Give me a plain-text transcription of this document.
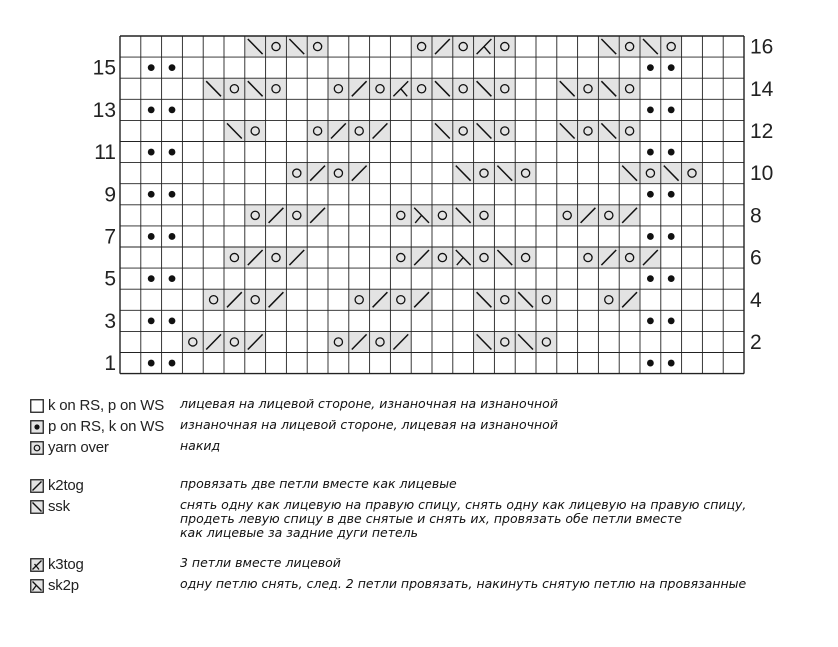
16
14
12
10
8
6
4
2
15
13
11
9
7
5
3
1
k on RS, p on WS лицевая на лицевой стороне, изнаночная на изнаночной
p on RS, k on WS изнаночная на лицевой стороне, лицевая на изнаночной
yarn over	накид
k2tog	провязать две петли вместе как лицевые
ssk	снять одну как лицевую на правую спицу, снять одну как лицевую на правую спицу,
продеть левую спицу в две снятые и снять их, провязать обе петли вместе
как лицевые за задние дуги петель
k3tog	3 петли вместе лицевой
sk2p	одну петлю снять, след. 2 петли провязать, накинуть снятую петлю на провязанные
